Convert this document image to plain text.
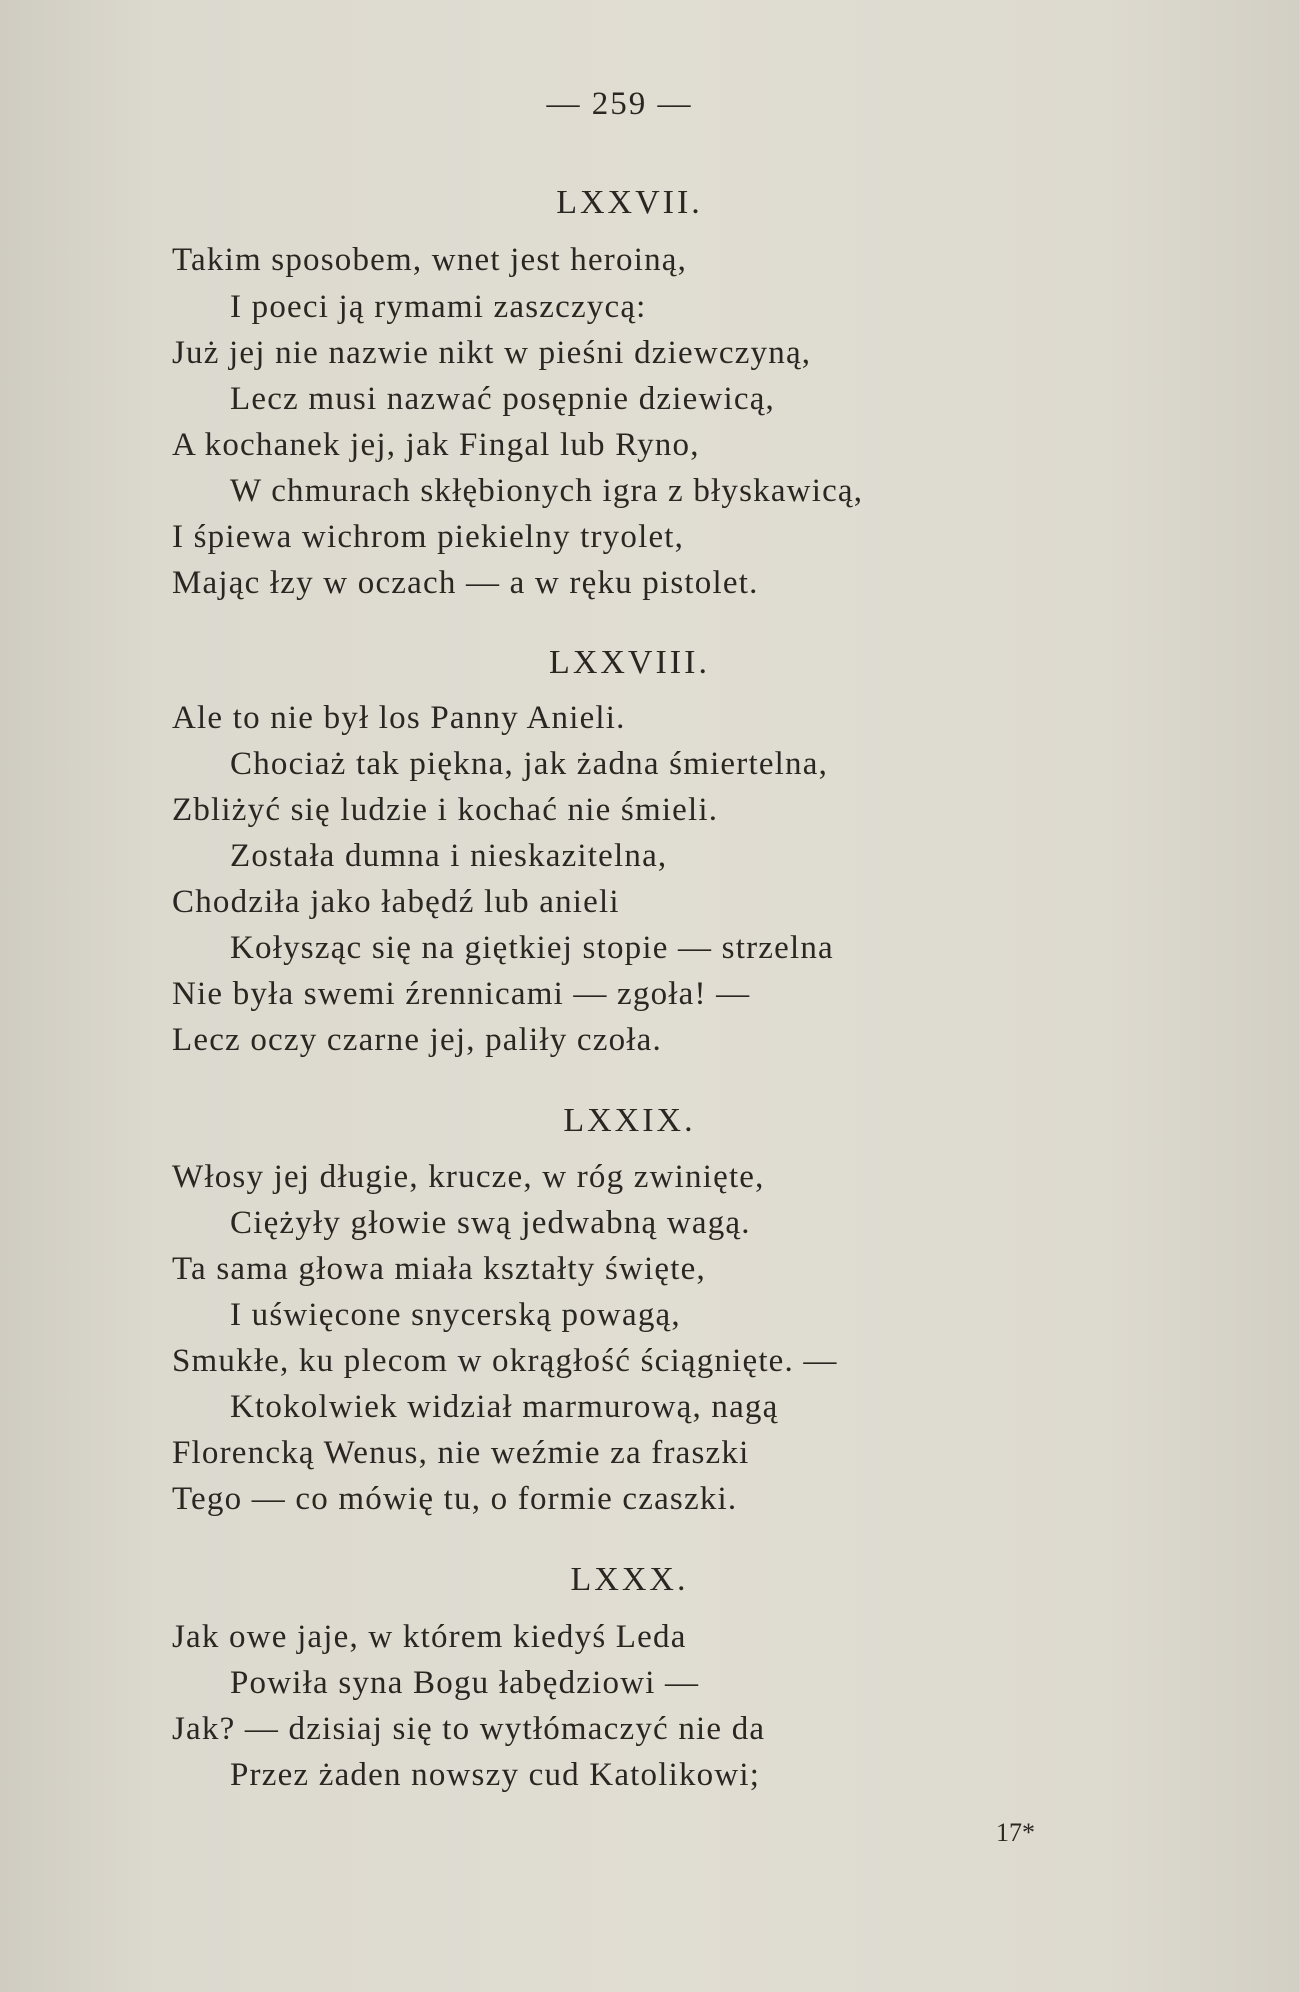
— 259 —
LXXVII.
Takim sposobem, wnet jest heroiną,
I poeci ją rymami zaszczycą:
Już jej nie nazwie nikt w pieśni dziewczyną,
Lecz musi nazwać posępnie dziewicą,
A kochanek jej, jak Fingal lub Ryno,
W chmurach skłębionych igra z błyskawicą,
I śpiewa wichrom piekielny tryolet,
Mając łzy w oczach — a w ręku pistolet.
LXXVIII.
Ale to nie był los Panny Anieli.
Chociaż tak piękna, jak żadna śmiertelna,
Zbliżyć się ludzie i kochać nie śmieli.
Została dumna i nieskazitelna,
Chodziła jako łabędź lub anieli
Kołysząc się na giętkiej stopie — strzelna
Nie była swemi źrennicami — zgoła! —
Lecz oczy czarne jej, paliły czoła.
LXXIX.
Włosy jej długie, krucze, w róg zwinięte,
Ciężyły głowie swą jedwabną wagą.
Ta sama głowa miała kształty święte,
I uświęcone snycerską powagą,
Smukłe, ku plecom w okrągłość ściągnięte. —
Ktokolwiek widział marmurową, nagą
Florencką Wenus, nie weźmie za fraszki
Tego — co mówię tu, o formie czaszki.
LXXX.
Jak owe jaje, w którem kiedyś Leda
Powiła syna Bogu łabędziowi —
Jak? — dzisiaj się to wytłómaczyć nie da
Przez żaden nowszy cud Katolikowi;
17*
